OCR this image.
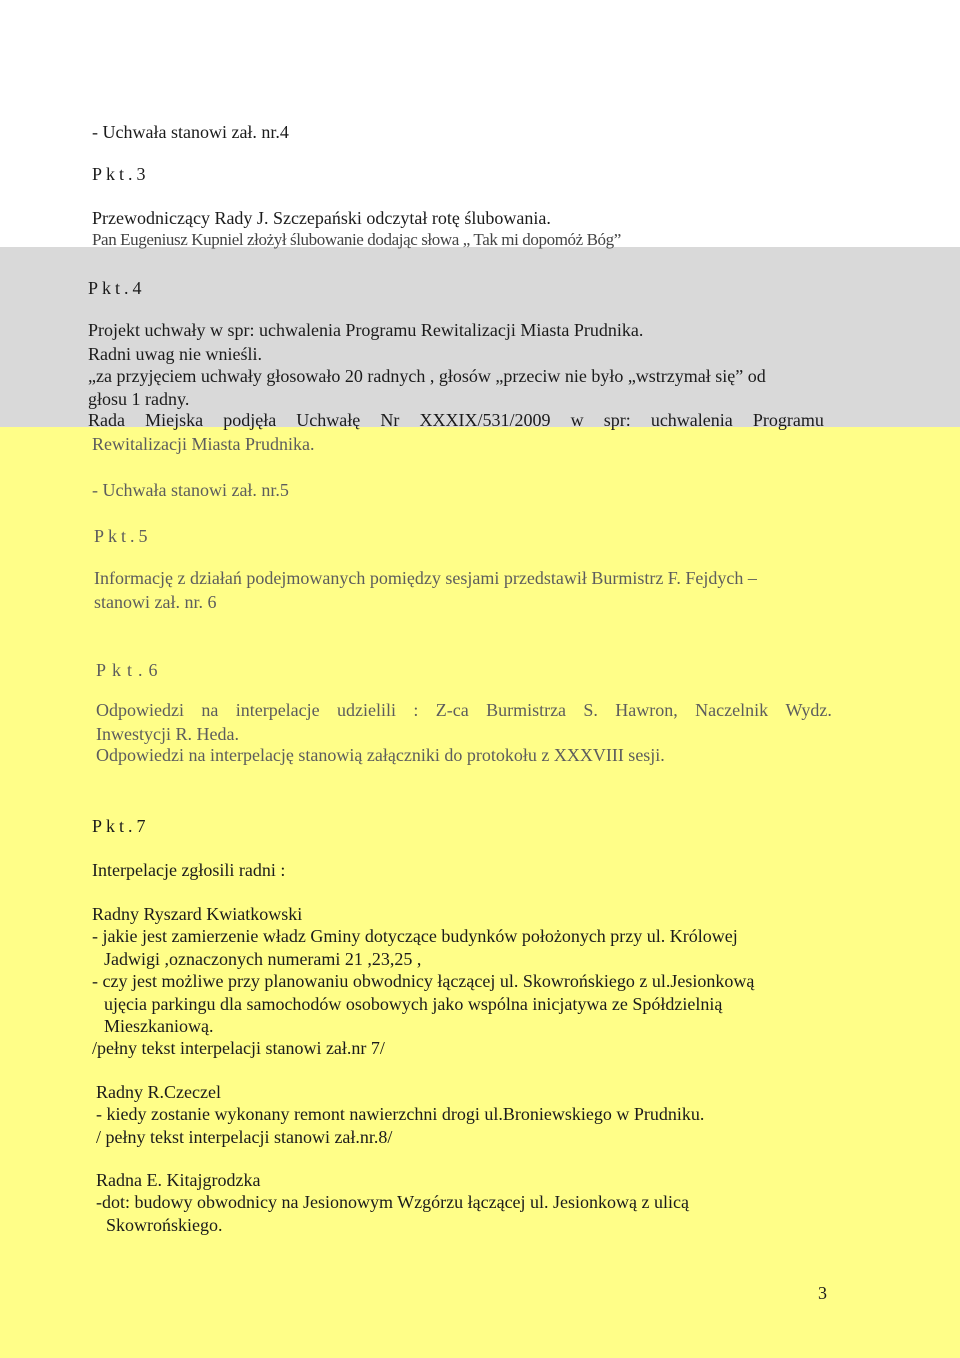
- Uchwała stanowi zał. nr.4
Pkt.3
Przewodniczący Rady J. Szczepański odczytał rotę ślubowania.
Pan Eugeniusz Kupniel złożył ślubowanie dodając słowa „ Tak mi dopomóż Bóg”
Pkt.4
Projekt uchwały w spr: uchwalenia Programu Rewitalizacji Miasta Prudnika.
Radni uwag nie wnieśli.
„za przyjęciem uchwały głosowało 20 radnych , głosów „przeciw nie było „wstrzymał się” od
głosu 1 radny.
Rada Miejska podjęła Uchwałę Nr XXXIX/531/2009 w spr: uchwalenia Programu
Rewitalizacji Miasta Prudnika.
- Uchwała stanowi zał. nr.5
Pkt.5
Informację z działań podejmowanych pomiędzy sesjami przedstawił Burmistrz F. Fejdych –
stanowi zał. nr. 6
Pkt.6
Odpowiedzi na interpelacje udzielili : Z-ca Burmistrza S. Hawron, Naczelnik Wydz.
Inwestycji R. Heda.
Odpowiedzi na interpelację stanowią załączniki do protokołu z XXXVIII sesji.
Pkt.7
Interpelacje zgłosili radni :
Radny Ryszard Kwiatkowski
- jakie jest zamierzenie władz Gminy dotyczące budynków położonych przy ul. Królowej
Jadwigi ,oznaczonych numerami 21 ,23,25 ,
- czy jest możliwe przy planowaniu obwodnicy łączącej ul. Skowrońskiego z ul.Jesionkową
ujęcia parkingu dla samochodów osobowych jako wspólna inicjatywa ze Spółdzielnią
Mieszkaniową.
/pełny tekst interpelacji stanowi zał.nr 7/
Radny R.Czeczel
- kiedy zostanie wykonany remont nawierzchni drogi ul.Broniewskiego w Prudniku.
/ pełny tekst interpelacji stanowi zał.nr.8/
Radna E. Kitajgrodzka
-dot: budowy obwodnicy na Jesionowym Wzgórzu łączącej ul. Jesionkową z ulicą
Skowrońskiego.
3
